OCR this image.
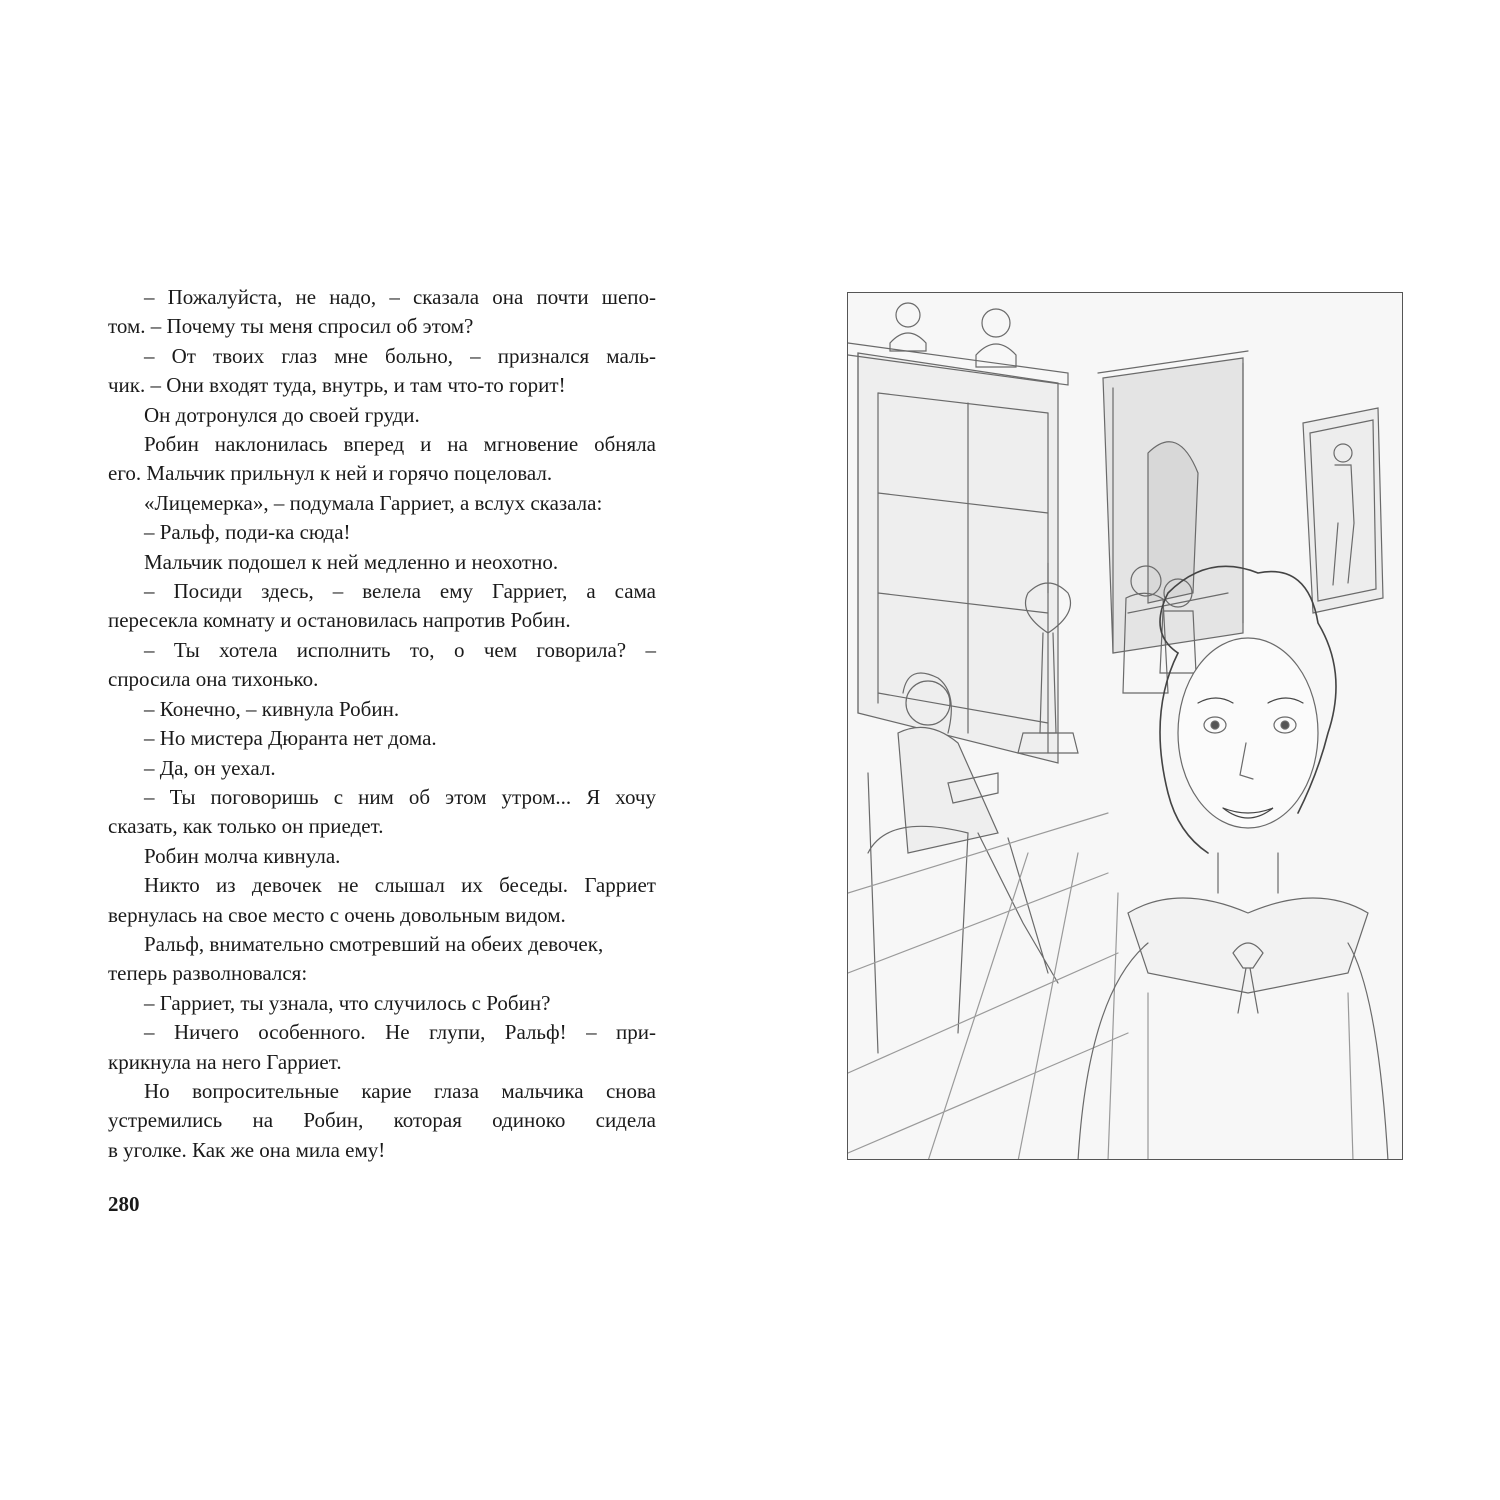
– Пожалуйста, не надо, – сказала она почти шепо-

том. – Почему ты меня спросил об этом?

– От твоих глаз мне больно, – признался маль-

чик. – Они входят туда, внутрь, и там что-то горит!

Он дотронулся до своей груди.

Робин наклонилась вперед и на мгновение обняла

его. Мальчик прильнул к ней и горячо поцеловал.

«Лицемерка», – подумала Гарриет, а вслух сказала:

– Ральф, поди-ка сюда!

Мальчик подошел к ней медленно и неохотно.

– Посиди здесь, – велела ему Гарриет, а сама

пересекла комнату и остановилась напротив Робин.

– Ты хотела исполнить то, о чем говорила? –

спросила она тихонько.

– Конечно, – кивнула Робин.

– Но мистера Дюранта нет дома.

– Да, он уехал.

– Ты поговоришь с ним об этом утром... Я хочу

сказать, как только он приедет.

Робин молча кивнула.

Никто из девочек не слышал их беседы. Гарриет

вернулась на свое место с очень довольным видом.

Ральф, внимательно смотревший на обеих девочек,

теперь разволновался:

– Гарриет, ты узнала, что случилось с Робин?

– Ничего особенного. Не глупи, Ральф! – при-

крикнула на него Гарриет.

Но вопросительные карие глаза мальчика снова

устремились на Робин, которая одиноко сидела

в уголке. Как же она мила ему!

280
